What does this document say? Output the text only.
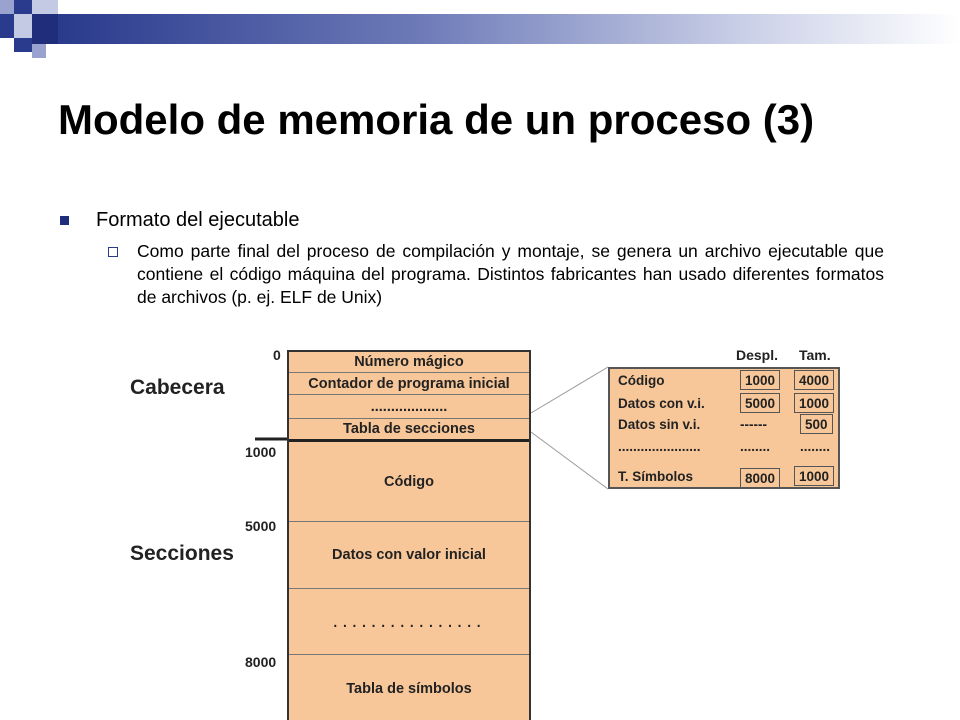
Modelo de memoria de un proceso (3)
Formato del ejecutable
Como parte final del proceso de compilación y montaje, se genera un archivo ejecutable que contiene el código máquina del programa. Distintos fabricantes han usado diferentes formatos de archivos (p. ej. ELF de Unix)
Cabecera
Secciones
0
1000
5000
8000
Número mágico
Contador de programa inicial
...................
Tabla de secciones
Código
Datos con valor inicial
................
Tabla de símbolos
Despl. Tam.
Código	1000	4000
Datos con v.i.	5000	1000
Datos sin v.i.	------	500
......................	........ ........
T. Símbolos	8000	1000
